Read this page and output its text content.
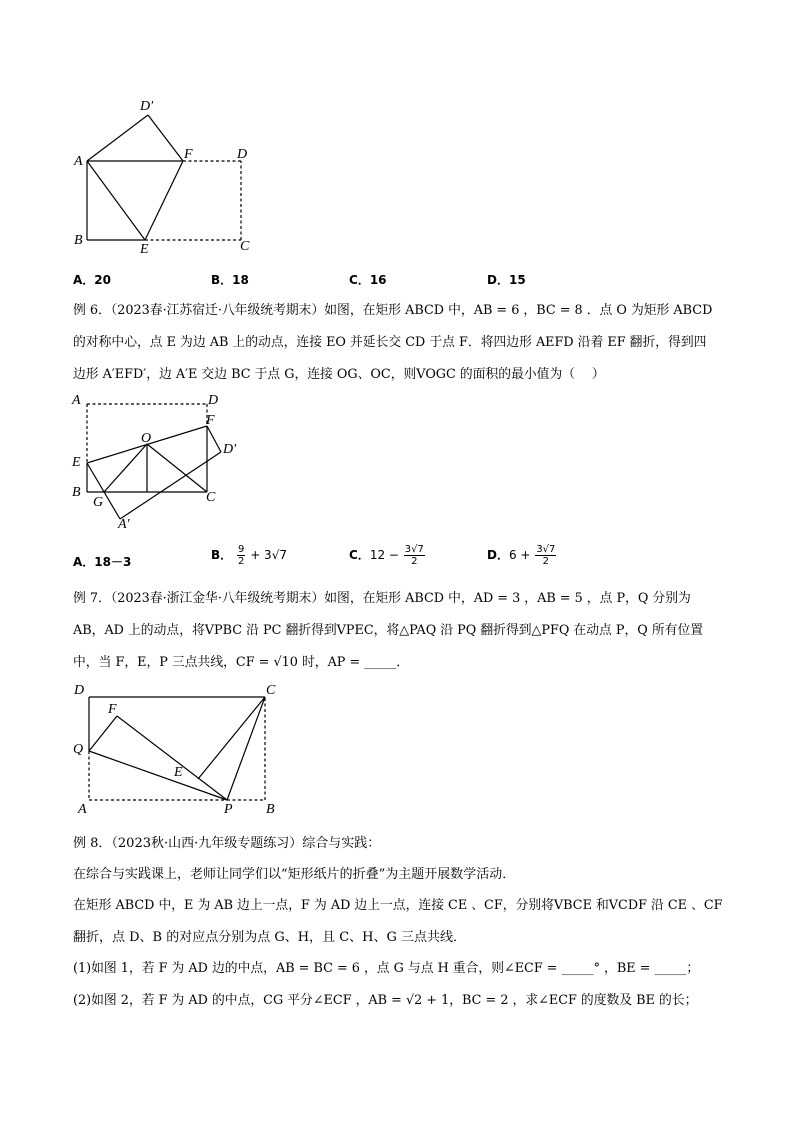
D′
A	F	D
B
E	C
A．20	B．18	C．16	D．15
例 6．（2023春·江苏宿迁·八年级统考期末）如图，在矩形 ABCD 中，AB = 6 ，BC = 8 ．点 O 为矩形 ABCD
的对称中心，点 E 为边 AB 上的动点，连接 EO 并延长交 CD 于点 F．将四边形 AEFD 沿着 EF 翻折，得到四
边形 A′EFD′，边 A′E 交边 BC 于点 G，连接 OG、OC，则VOGC 的面积的最小值为（　 ）
A	D
F
O
D′
E
B
G	C
A′
A．18－3	B． $\frac{9}{2} + 3√7$	C．$12 - \frac{3√7}{2}$	D．$6 + \frac{3√7}{2}$
例 7．（2023春·浙江金华·八年级统考期末）如图，在矩形 ABCD 中，AD = 3 ，AB = 5 ，点 P，Q 分别为
AB，AD 上的动点，将VPBC 沿 PC 翻折得到VPEC，将△PAQ 沿 PQ 翻折得到△PFQ 在动点 P，Q 所有位置
中，当 F，E，P 三点共线，CF = √10 时，AP = _____．
D	C
F
Q
E
A	P B
例 8．（2023秋·山西·九年级专题练习）综合与实践：
在综合与实践课上，老师让同学们以“矩形纸片的折叠”为主题开展数学活动．
在矩形 ABCD 中，E 为 AB 边上一点，F 为 AD 边上一点，连接 CE 、CF，分别将VBCE 和VCDF 沿 CE 、CF
翻折，点 D、B 的对应点分别为点 G、H，且 C、H、G 三点共线．
(1)如图 1，若 F 为 AD 边的中点，AB = BC = 6 ，点 G 与点 H 重合，则∠ECF = _____° ，BE = _____；
(2)如图 2，若 F 为 AD 的中点，CG 平分∠ECF ，AB = √2 + 1，BC = 2 ，求∠ECF 的度数及 BE 的长；
